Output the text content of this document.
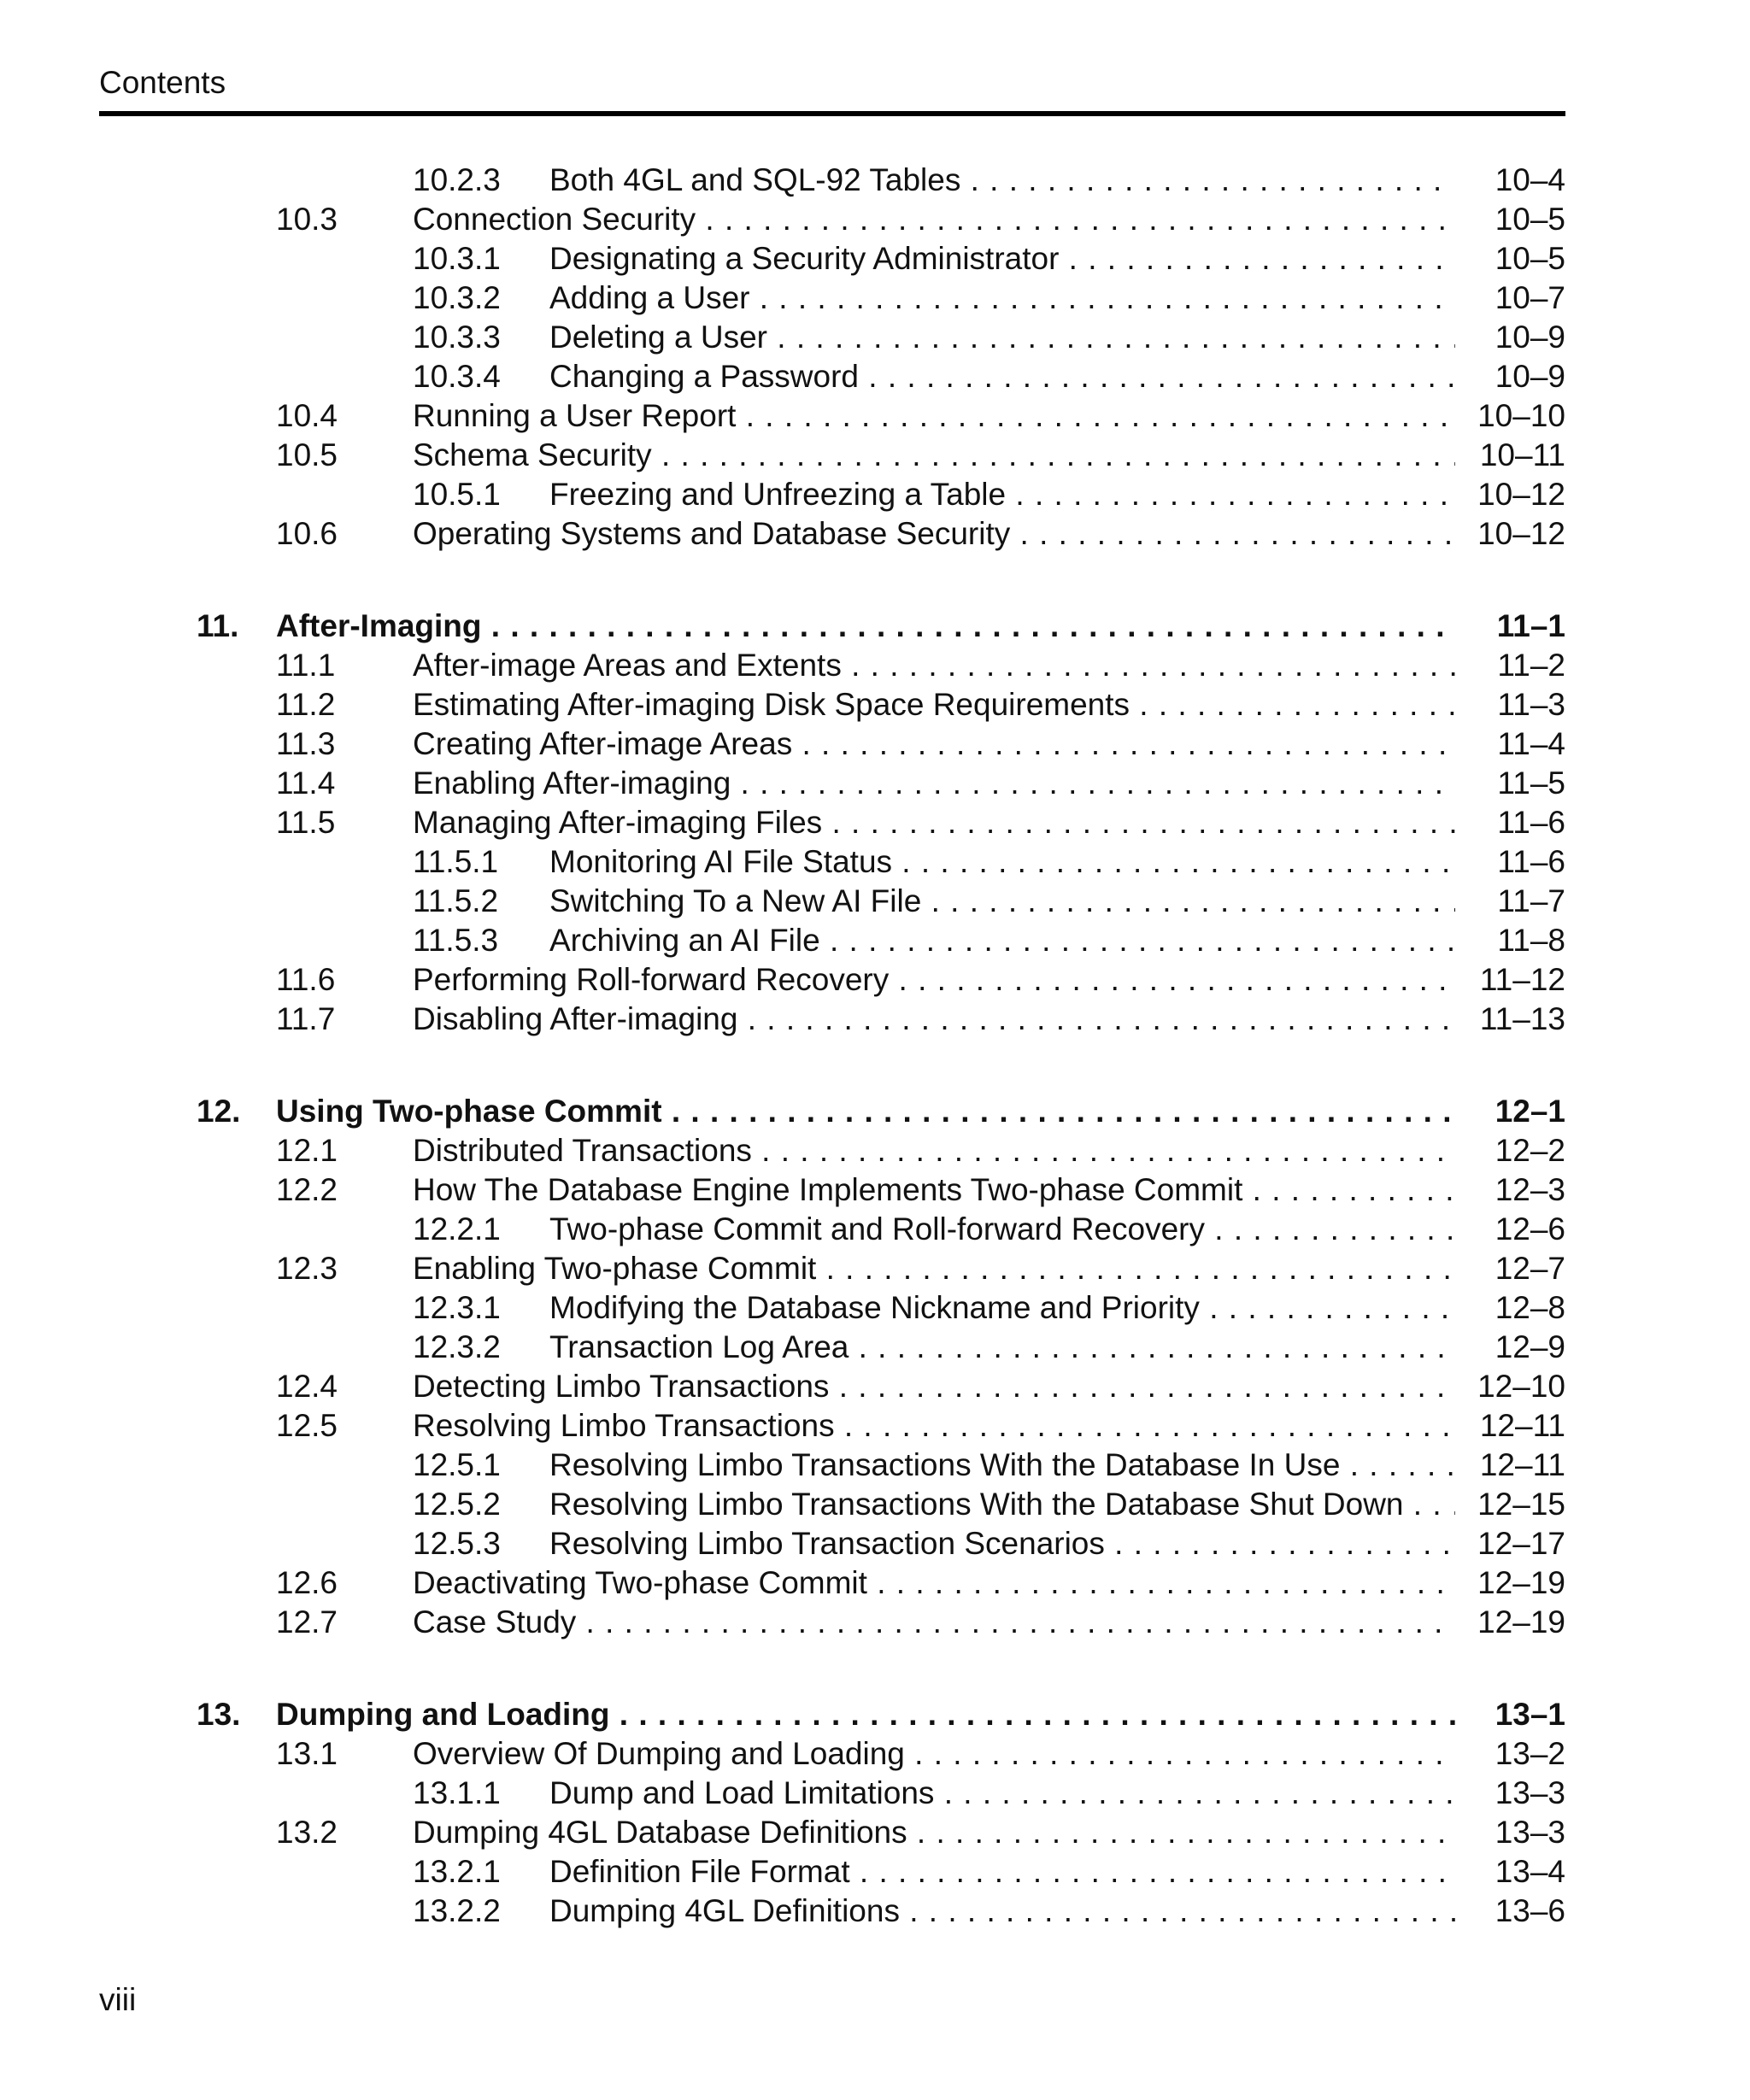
Contents
10.2.3 Both 4GL and SQL-92 Tables . . .	10–4
10.3 Connection Security . . .	10–5
10.3.1 Designating a Security Administrator . . .	10–5
10.3.2 Adding a User . . .	10–7
10.3.3 Deleting a User . . .	10–9
10.3.4 Changing a Password . . .	10–9
10.4 Running a User Report . . .	10–10
10.5 Schema Security . . .	10–11
10.5.1 Freezing and Unfreezing a Table . . .	10–12
10.6 Operating Systems and Database Security . . .	10–12
11. After-Imaging . . .	11–1
11.1 After-image Areas and Extents . . .	11–2
11.2 Estimating After-imaging Disk Space Requirements . . .	11–3
11.3 Creating After-image Areas . . .	11–4
11.4 Enabling After-imaging . . .	11–5
11.5 Managing After-imaging Files . . .	11–6
11.5.1 Monitoring AI File Status . . .	11–6
11.5.2 Switching To a New AI File . . .	11–7
11.5.3 Archiving an AI File . . .	11–8
11.6 Performing Roll-forward Recovery . . .	11–12
11.7 Disabling After-imaging . . .	11–13
12. Using Two-phase Commit . . .	12–1
12.1 Distributed Transactions . . .	12–2
12.2 How The Database Engine Implements Two-phase Commit . . .	12–3
12.2.1 Two-phase Commit and Roll-forward Recovery . . .	12–6
12.3 Enabling Two-phase Commit . . .	12–7
12.3.1 Modifying the Database Nickname and Priority . . .	12–8
12.3.2 Transaction Log Area . . .	12–9
12.4 Detecting Limbo Transactions . . .	12–10
12.5 Resolving Limbo Transactions . . .	12–11
12.5.1 Resolving Limbo Transactions With the Database In Use . . .	12–11
12.5.2 Resolving Limbo Transactions With the Database Shut Down . . .	12–15
12.5.3 Resolving Limbo Transaction Scenarios . . .	12–17
12.6 Deactivating Two-phase Commit . . .	12–19
12.7 Case Study . . .	12–19
13. Dumping and Loading . . .	13–1
13.1 Overview Of Dumping and Loading . . .	13–2
13.1.1 Dump and Load Limitations . . .	13–3
13.2 Dumping 4GL Database Definitions . . .	13–3
13.2.1 Definition File Format . . .	13–4
13.2.2 Dumping 4GL Definitions . . .	13–6
viii
